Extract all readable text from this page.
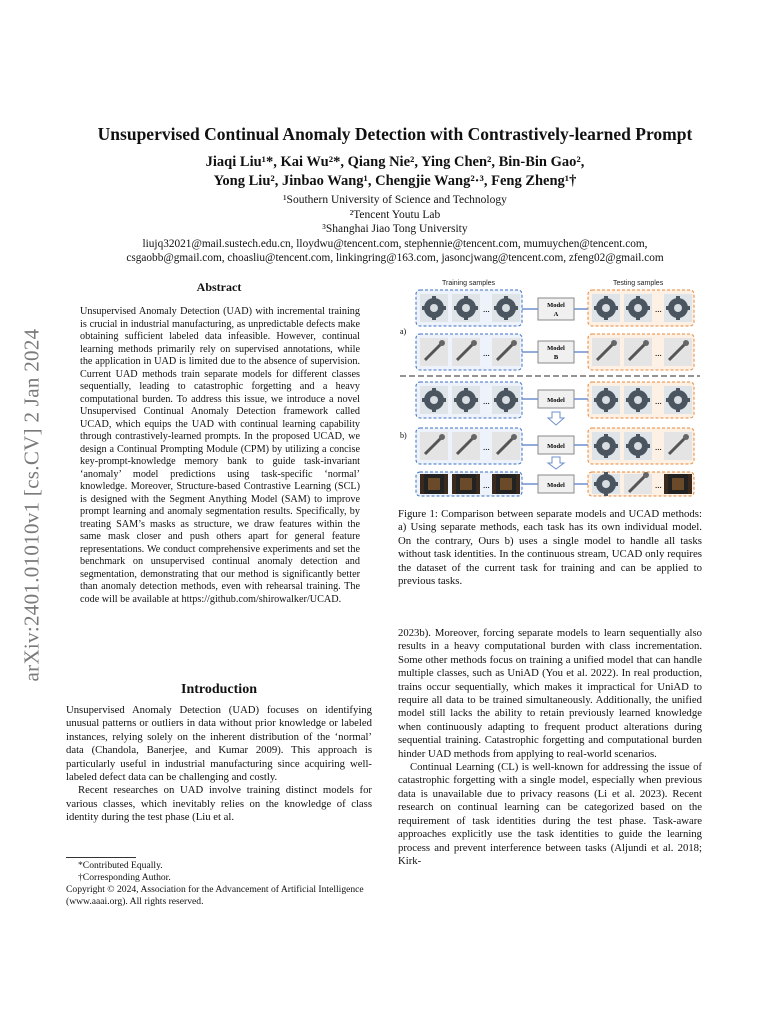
arXiv:2401.01010v1 [cs.CV] 2 Jan 2024
Unsupervised Continual Anomaly Detection with Contrastively-learned Prompt
Jiaqi Liu¹*, Kai Wu²*, Qiang Nie², Ying Chen², Bin-Bin Gao²,
Yong Liu², Jinbao Wang¹, Chengjie Wang²·³, Feng Zheng¹†
¹Southern University of Science and Technology
²Tencent Youtu Lab
³Shanghai Jiao Tong University
liujq32021@mail.sustech.edu.cn, lloydwu@tencent.com, stephennie@tencent.com, mumuychen@tencent.com,
csgaobb@gmail.com, choasliu@tencent.com, linkingring@163.com, jasoncjwang@tencent.com, zfeng02@gmail.com
Abstract

Unsupervised Anomaly Detection (UAD) with incremental training is crucial in industrial manufacturing, as unpredictable defects make obtaining sufficient labeled data infeasible. However, continual learning methods primarily rely on supervised annotations, while the application in UAD is limited due to the absence of supervision. Current UAD methods train separate models for different classes sequentially, leading to catastrophic forgetting and a heavy computational burden. To address this issue, we introduce a novel Unsupervised Continual Anomaly Detection framework called UCAD, which equips the UAD with continual learning capability through contrastively-learned prompts. In the proposed UCAD, we design a Continual Prompting Module (CPM) by utilizing a concise key-prompt-knowledge memory bank to guide task-invariant ‘anomaly’ model predictions using task-specific ‘normal’ knowledge. Moreover, Structure-based Contrastive Learning (SCL) is designed with the Segment Anything Model (SAM) to improve prompt learning and anomaly segmentation results. Specifically, by treating SAM’s masks as structure, we draw features within the same mask closer and push others apart for general feature representations. We conduct comprehensive experiments and set the benchmark on unsupervised continual anomaly detection and segmentation, demonstrating that our method is significantly better than anomaly detection methods, even with rehearsal training. The code will be available at https://github.com/shirowalker/UCAD.

Introduction

Unsupervised Anomaly Detection (UAD) focuses on identifying unusual patterns or outliers in data without prior knowledge or labeled instances, relying solely on the inherent distribution of the ‘normal’ data (Chandola, Banerjee, and Kumar 2009). This approach is particularly useful in industrial manufacturing since acquiring well-labeled defect data can be challenging and costly.

Recent researches on UAD involve training distinct models for various classes, which inevitably relies on the knowledge of class identity during the test phase (Liu et al.

*Contributed Equally.
†Corresponding Author.
Copyright © 2024, Association for the Advancement of Artificial Intelligence (www.aaai.org). All rights reserved.
Training samples	Testing samples
a)
b)
...	Model
A
...
...	Model
B	...
...	Model	...
...	Model	...
...	Model	...

Figure 1: Comparison between separate models and UCAD methods: a) Using separate methods, each task has its own individual model. On the contrary, Ours b) uses a single model to handle all tasks without task identities. In the continuous stream, UCAD only requires the dataset of the current task for training and can be applied to previous tasks.

2023b). Moreover, forcing separate models to learn sequentially also results in a heavy computational burden with class incrementation. Some other methods focus on training a unified model that can handle multiple classes, such as UniAD (You et al. 2022). In real production, trains occur sequentially, which makes it impractical for UniAD to require all data to be trained simultaneously. Additionally, the unified model still lacks the ability to retain previously learned knowledge when continuously adapting to frequent product alterations during sequential training. Catastrophic forgetting and computational burden hinder UAD methods from applying to real-world scenarios.

Continual Learning (CL) is well-known for addressing the issue of catastrophic forgetting with a single model, especially when previous data is unavailable due to privacy reasons (Li et al. 2023). Recent research on continual learning can be categorized based on the requirement of task identities during the test phase. Task-aware approaches explicitly use the task identities to guide the learning process and prevent interference between tasks (Aljundi et al. 2018; Kirk-
